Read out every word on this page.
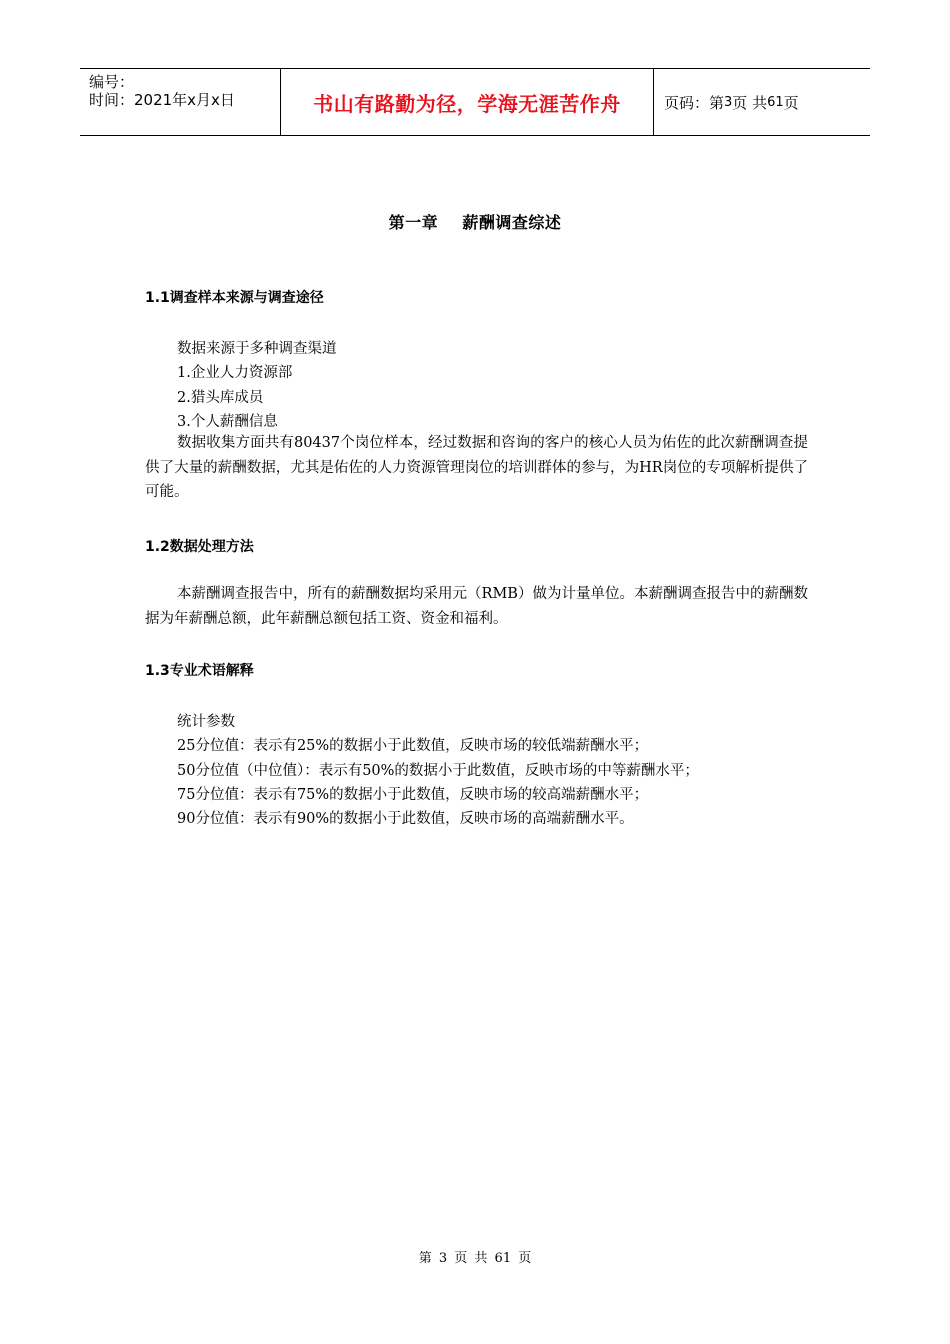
编号：
时间：2021年x月x日	书山有路勤为径，学海无涯苦作舟	页码：第 3 页 共 61 页
第一章    薪酬调查综述
1.1调查样本来源与调查途径
数据来源于多种调查渠道
1.企业人力资源部
2.猎头库成员
3.个人薪酬信息
数据收集方面共有80437个岗位样本，经过数据和咨询的客户的核心人员为佑佐的此次薪酬调查提供了大量的薪酬数据，尤其是佑佐的人力资源管理岗位的培训群体的参与，为HR岗位的专项解析提供了可能。
1.2数据处理方法
本薪酬调查报告中，所有的薪酬数据均采用元（RMB）做为计量单位。本薪酬调查报告中的薪酬数据为年薪酬总额，此年薪酬总额包括工资、资金和福利。
1.3专业术语解释
统计参数
25分位值：表示有25%的数据小于此数值，反映市场的较低端薪酬水平；
50分位值（中位值）：表示有50%的数据小于此数值，反映市场的中等薪酬水平；
75分位值：表示有75%的数据小于此数值，反映市场的较高端薪酬水平；
90分位值：表示有90%的数据小于此数值，反映市场的高端薪酬水平。
第 3 页 共 61 页
